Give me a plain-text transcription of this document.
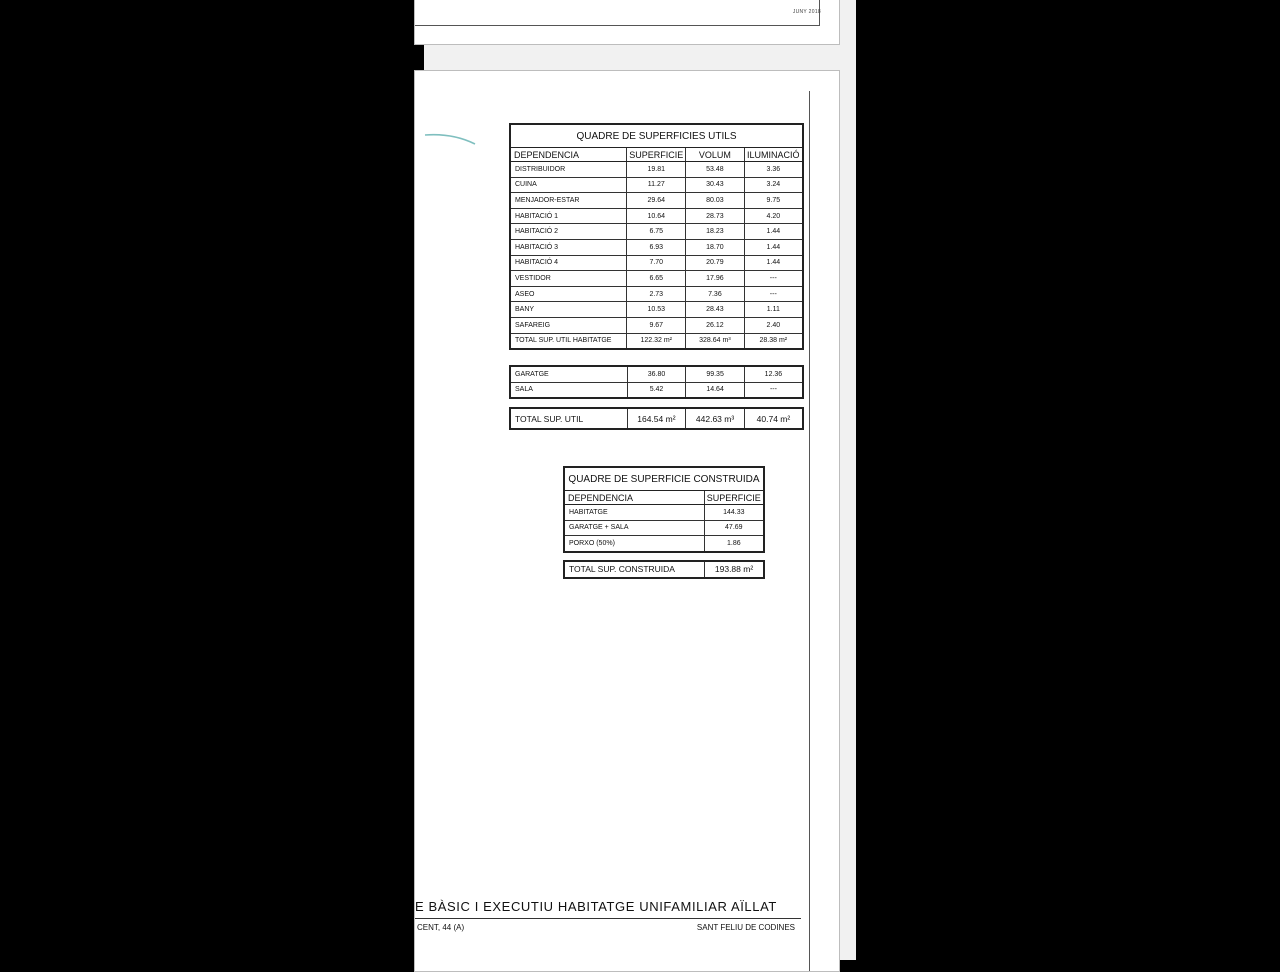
JUNY 2018
QUADRE DE SUPERFICIES UTILS			
DEPENDENCIA	SUPERFICIE	VOLUM	ILUMINACIÓ
DISTRIBUIDOR	19.81	53.48	3.36
CUINA	11.27	30.43	3.24
MENJADOR-ESTAR	29.64	80.03	9.75
HABITACIÓ 1	10.64	28.73	4.20
HABITACIÓ 2	6.75	18.23	1.44
HABITACIÓ 3	6.93	18.70	1.44
HABITACIÓ 4	7.70	20.79	1.44
VESTIDOR	6.65	17.96	---
ASEO	2.73	7.36	---
BANY	10.53	28.43	1.11
SAFAREIG	9.67	26.12	2.40
TOTAL SUP. UTIL HABITATGE	122.32 m²	328.64 m³	28.38 m²
GARATGE	36.80	99.35	12.36
SALA	5.42	14.64	---
TOTAL SUP. UTIL	164.54 m²	442.63 m³	40.74 m²
QUADRE DE SUPERFICIE CONSTRUIDA	
DEPENDENCIA	SUPERFICIE
HABITATGE	144.33
GARATGE + SALA	47.69
PORXO (50%)	1.86
TOTAL SUP. CONSTRUIDA	193.88 m²
E BÀSIC I EXECUTIU HABITATGE UNIFAMILIAR AÏLLAT
CENT, 44 (A)	SANT FELIU DE CODINES
